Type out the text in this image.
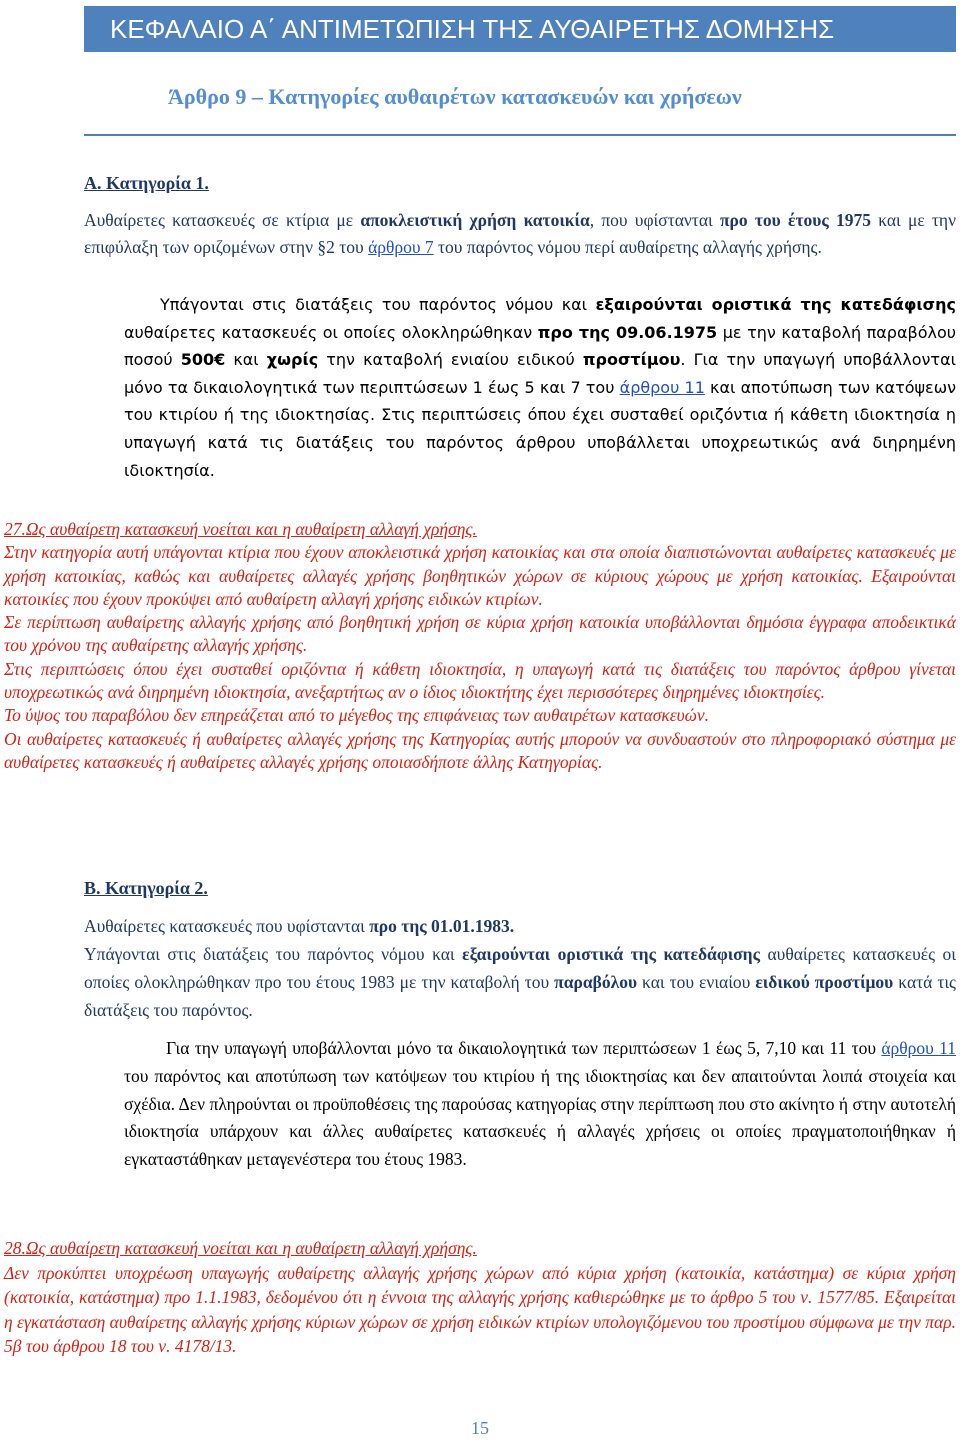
ΚΕΦΑΛΑΙΟ Α΄ ΑΝΤΙΜΕΤΩΠΙΣΗ ΤΗΣ ΑΥΘΑΙΡΕΤΗΣ ΔΟΜΗΣΗΣ
Άρθρο 9 – Κατηγορίες αυθαιρέτων κατασκευών και χρήσεων
Α. Κατηγορία 1.
Αυθαίρετες κατασκευές σε κτίρια με αποκλειστική χρήση κατοικία, που υφίστανται προ του έτους 1975 και με την επιφύλαξη των οριζομένων στην §2 του άρθρου 7 του παρόντος νόμου περί αυθαίρετης αλλαγής χρήσης.
Υπάγονται στις διατάξεις του παρόντος νόμου και εξαιρούνται οριστικά της κατεδάφισης αυθαίρετες κατασκευές οι οποίες ολοκληρώθηκαν προ της 09.06.1975 με την καταβολή παραβόλου ποσού 500€ και χωρίς την καταβολή ενιαίου ειδικού προστίμου. Για την υπαγωγή υποβάλλονται μόνο τα δικαιολογητικά των περιπτώσεων 1 έως 5 και 7 του άρθρου 11 και αποτύπωση των κατόψεων του κτιρίου ή της ιδιοκτησίας. Στις περιπτώσεις όπου έχει συσταθεί οριζόντια ή κάθετη ιδιοκτησία η υπαγωγή κατά τις διατάξεις του παρόντος άρθρου υποβάλλεται υποχρεωτικώς ανά διηρημένη ιδιοκτησία.
27.Ως αυθαίρετη κατασκευή νοείται και η αυθαίρετη αλλαγή χρήσης.
Στην κατηγορία αυτή υπάγονται κτίρια που έχουν αποκλειστικά χρήση κατοικίας και στα οποία διαπιστώνονται αυθαίρετες κατασκευές με χρήση κατοικίας, καθώς και αυθαίρετες αλλαγές χρήσης βοηθητικών χώρων σε κύριους χώρους με χρήση κατοικίας. Εξαιρούνται κατοικίες που έχουν προκύψει από αυθαίρετη αλλαγή χρήσης ειδικών κτιρίων.
Σε περίπτωση αυθαίρετης αλλαγής χρήσης από βοηθητική χρήση σε κύρια χρήση κατοικία υποβάλλονται δημόσια έγγραφα αποδεικτικά του χρόνου της αυθαίρετης αλλαγής χρήσης.
Στις περιπτώσεις όπου έχει συσταθεί οριζόντια ή κάθετη ιδιοκτησία, η υπαγωγή κατά τις διατάξεις του παρόντος άρθρου γίνεται υποχρεωτικώς ανά διηρημένη ιδιοκτησία, ανεξαρτήτως αν ο ίδιος ιδιοκτήτης έχει περισσότερες διηρημένες ιδιοκτησίες.
Το ύψος του παραβόλου δεν επηρεάζεται από το μέγεθος της επιφάνειας των αυθαιρέτων κατασκευών.
Οι αυθαίρετες κατασκευές ή αυθαίρετες αλλαγές χρήσης της Κατηγορίας αυτής μπορούν να συνδυαστούν στο πληροφοριακό σύστημα με αυθαίρετες κατασκευές ή αυθαίρετες αλλαγές χρήσης οποιασδήποτε άλλης Κατηγορίας.
Β. Κατηγορία 2.
Αυθαίρετες κατασκευές που υφίστανται προ της 01.01.1983.
Υπάγονται στις διατάξεις του παρόντος νόμου και εξαιρούνται οριστικά της κατεδάφισης αυθαίρετες κατασκευές οι οποίες ολοκληρώθηκαν προ του έτους 1983 με την καταβολή του παραβόλου και του ενιαίου ειδικού προστίμου κατά τις διατάξεις του παρόντος.
Για την υπαγωγή υποβάλλονται μόνο τα δικαιολογητικά των περιπτώσεων 1 έως 5, 7,10 και 11 του άρθρου 11 του παρόντος και αποτύπωση των κατόψεων του κτιρίου ή της ιδιοκτησίας και δεν απαιτούνται λοιπά στοιχεία και σχέδια. Δεν πληρούνται οι προϋποθέσεις της παρούσας κατηγορίας στην περίπτωση που στο ακίνητο ή στην αυτοτελή ιδιοκτησία υπάρχουν και άλλες αυθαίρετες κατασκευές ή αλλαγές χρήσεις οι οποίες πραγματοποιήθηκαν ή εγκαταστάθηκαν μεταγενέστερα του έτους 1983.
28.Ως αυθαίρετη κατασκευή νοείται και η αυθαίρετη αλλαγή χρήσης.
Δεν προκύπτει υποχρέωση υπαγωγής αυθαίρετης αλλαγής χρήσης χώρων από κύρια χρήση (κατοικία, κατάστημα) σε κύρια χρήση (κατοικία, κατάστημα) προ 1.1.1983, δεδομένου ότι η έννοια της αλλαγής χρήσης καθιερώθηκε με το άρθρο 5 του ν. 1577/85. Εξαιρείται η εγκατάσταση αυθαίρετης αλλαγής χρήσης κύριων χώρων σε χρήση ειδικών κτιρίων υπολογιζόμενου του προστίμου σύμφωνα με την παρ. 5β του άρθρου 18 του ν. 4178/13.
15
